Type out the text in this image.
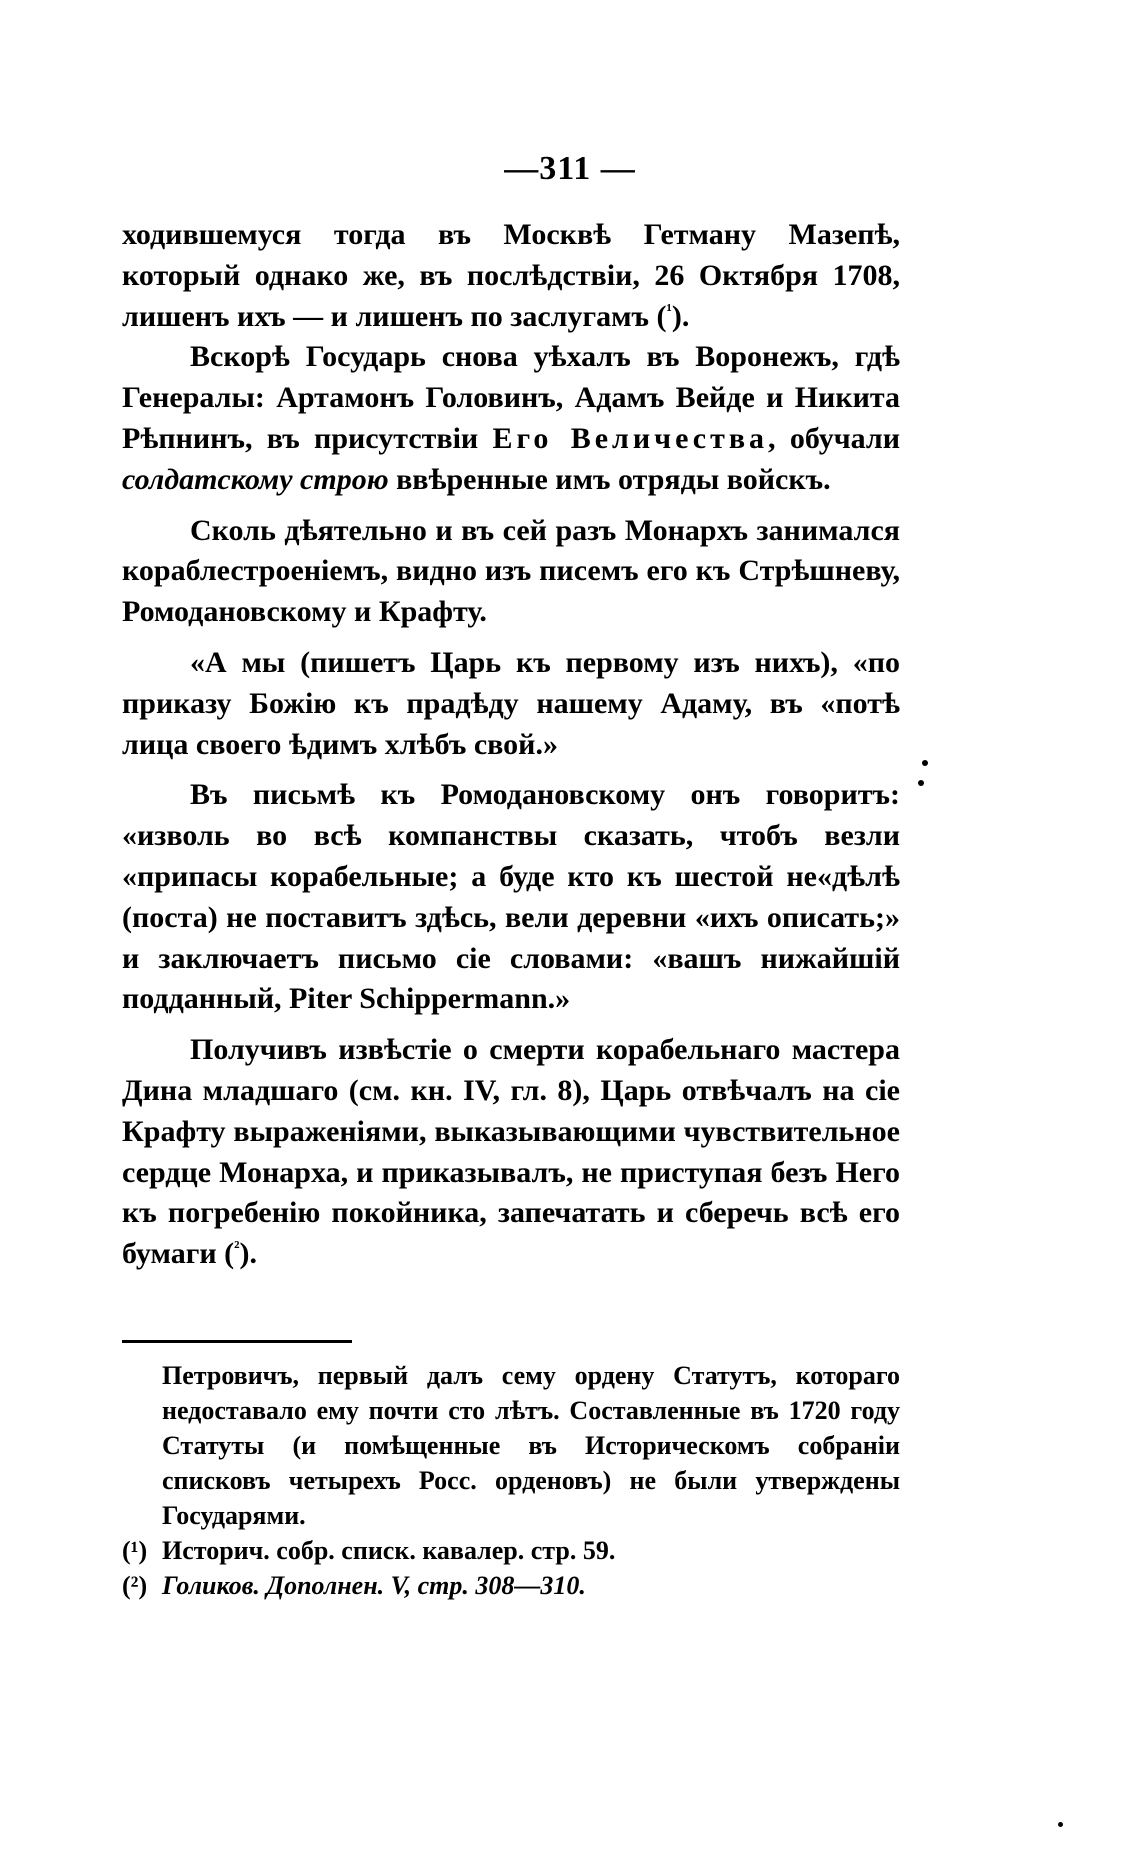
—311 —

ходившемуся тогда въ Москвѣ Гетману Мазепѣ, который однако же, въ послѣдствіи, 26 Октября 1708, лишенъ ихъ — и лишенъ по заслугамъ ($^{^1}$).

Вскорѣ Государь снова уѣхалъ въ Воронежъ, гдѣ Генералы: Артамонъ Головинъ, Адамъ Вейде и Никита Рѣпнинъ, въ присутствіи Его Величества, обучали солдатскому строю ввѣренные имъ отряды войскъ.

Сколь дѣятельно и въ сей разъ Монархъ занимался кораблестроеніемъ, видно изъ писемъ его къ Стрѣшневу, Ромодановскому и Крафту.

«А мы (пишетъ Царь къ первому изъ нихъ), «по приказу Божію къ прадѣду нашему Адаму, въ «потѣ лица своего ѣдимъ хлѣбъ свой.»

Въ письмѣ къ Ромодановскому онъ говоритъ: «изволь во всѣ компанствы сказать, чтобъ везли «припасы корабельные; а буде кто къ шестой не«дѣлѣ (поста) не поставитъ здѣсь, вели деревни «ихъ описать;» и заключаетъ письмо сіе словами: «вашъ нижайшій подданный, Piter Schippermann.»

Получивъ извѣстіе о смерти корабельнаго мастера Дина младшаго (см. кн. IV, гл. 8), Царь отвѣчалъ на сіе Крафту выраженіями, выказывающими чувствительное сердце Монарха, и приказывалъ, не приступая безъ Него къ погребенію покойника, запечатать и сберечь всѣ его бумаги ($^{^2}$).

Петровичъ, первый далъ сему ордену Статутъ, котораго недоставало ему почти сто лѣтъ. Составленные въ 1720 году Статуты (и помѣщенные въ Историческомъ собраніи списковъ четырехъ Росс. орденовъ) не были утверждены Государями.

(¹) Историч. собр. списк. кавалер. стр. 59.

(²) Голиков. Дополнен. V, стр. 308—310.
